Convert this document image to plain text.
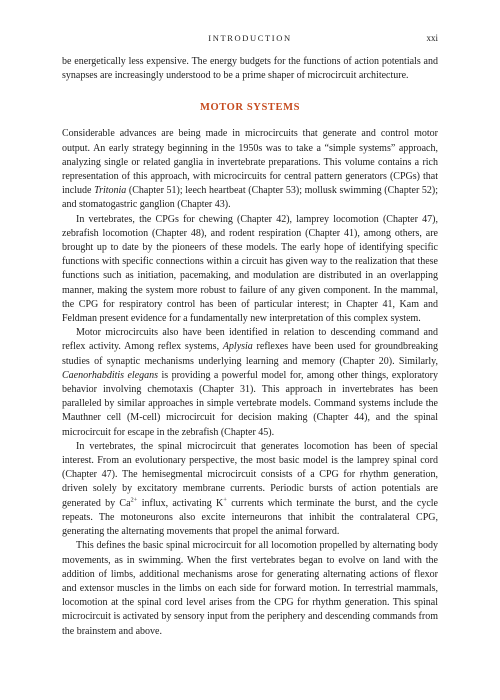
INTRODUCTION	xxi

be energetically less expensive. The energy budgets for the functions of action potentials and synapses are increasingly understood to be a prime shaper of microcircuit architecture.

MOTOR SYSTEMS

Considerable advances are being made in microcircuits that generate and control motor output. An early strategy beginning in the 1950s was to take a “simple systems” approach, analyzing single or related ganglia in invertebrate preparations. This volume contains a rich representation of this approach, with microcircuits for central pattern generators (CPGs) that include Tritonia (Chapter 51); leech heartbeat (Chapter 53); mollusk swimming (Chapter 52); and stomatogastric ganglion (Chapter 43).

In vertebrates, the CPGs for chewing (Chapter 42), lamprey locomotion (Chapter 47), zebrafish locomotion (Chapter 48), and rodent respiration (Chapter 41), among others, are brought up to date by the pioneers of these models. The early hope of identifying specific functions with specific connections within a circuit has given way to the realization that these functions such as initiation, pacemaking, and modulation are distributed in an overlapping manner, making the system more robust to failure of any given component. In the mammal, the CPG for respiratory control has been of particular interest; in Chapter 41, Kam and Feldman present evidence for a fundamentally new interpretation of this complex system.

Motor microcircuits also have been identified in relation to descending command and reflex activity. Among reflex systems, Aplysia reflexes have been used for groundbreaking studies of synaptic mechanisms underlying learning and memory (Chapter 20). Similarly, Caenorhabditis elegans is providing a powerful model for, among other things, exploratory behavior involving chemotaxis (Chapter 31). This approach in invertebrates has been paralleled by similar approaches in simple vertebrate models. Command systems include the Mauthner cell (M-cell) microcircuit for decision making (Chapter 44), and the spinal microcircuit for escape in the zebrafish (Chapter 45).

In vertebrates, the spinal microcircuit that generates locomotion has been of special interest. From an evolutionary perspective, the most basic model is the lamprey spinal cord (Chapter 47). The hemisegmental microcircuit consists of a CPG for rhythm generation, driven solely by excitatory membrane currents. Periodic bursts of action potentials are generated by $Ca^{2+}$ influx, activating K+ currents which terminate the burst, and the cycle repeats. The motoneurons also excite interneurons that inhibit the contralateral CPG, generating the alternating movements that propel the animal forward.

This defines the basic spinal microcircuit for all locomotion propelled by alternating body movements, as in swimming. When the first vertebrates began to evolve on land with the addition of limbs, additional mechanisms arose for generating alternating actions of flexor and extensor muscles in the limbs on each side for forward motion. In terrestrial mammals, locomotion at the spinal cord level arises from the CPG for rhythm generation. This spinal microcircuit is activated by sensory input from the periphery and descending commands from the brainstem and above.
